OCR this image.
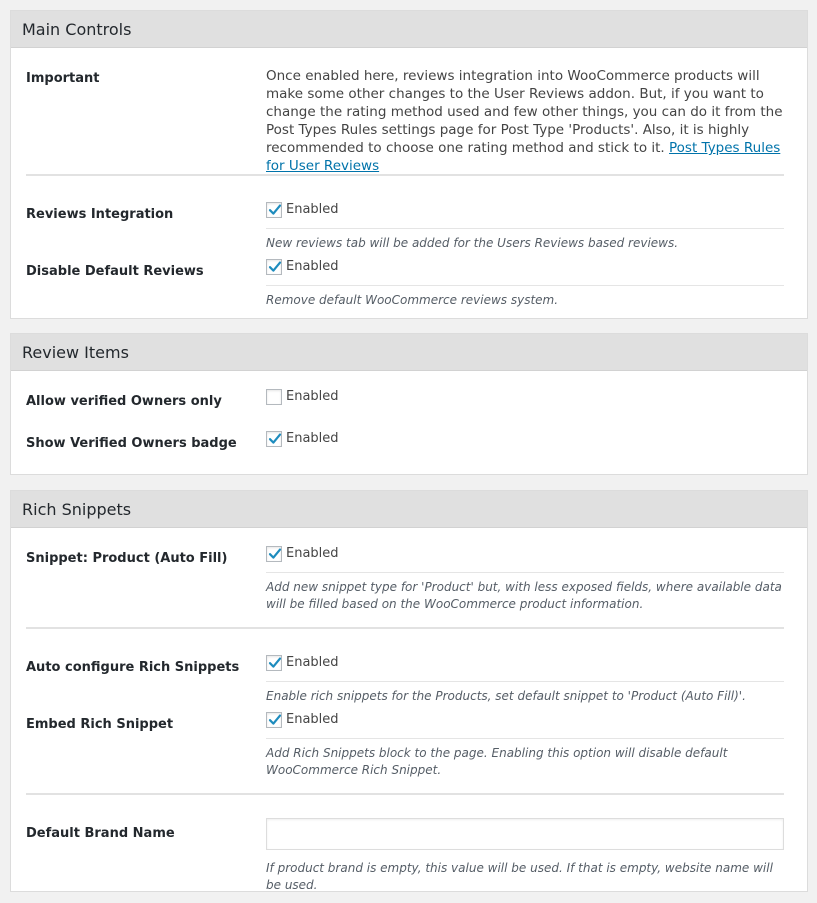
Main Controls
Important	Once enabled here, reviews integration into WooCommerce products will make some other changes to the User Reviews addon. But, if you want to change the rating method used and few other things, you can do it from the Post Types Rules settings page for Post Type 'Products'. Also, it is highly recommended to choose one rating method and stick to it. Post Types Rules for User Reviews
Reviews Integration	Enabled
New reviews tab will be added for the Users Reviews based reviews.
Disable Default Reviews	Enabled
Remove default WooCommerce reviews system.
Review Items
Allow verified Owners only	Enabled
Show Verified Owners badge	Enabled
Rich Snippets
Snippet: Product (Auto Fill)	Enabled
Add new snippet type for 'Product' but, with less exposed fields, where available data will be filled based on the WooCommerce product information.
Auto configure Rich Snippets	Enabled
Enable rich snippets for the Products, set default snippet to 'Product (Auto Fill)'.
Embed Rich Snippet	Enabled
Add Rich Snippets block to the page. Enabling this option will disable default WooCommerce Rich Snippet.
Default Brand Name
If product brand is empty, this value will be used. If that is empty, website name will be used.
